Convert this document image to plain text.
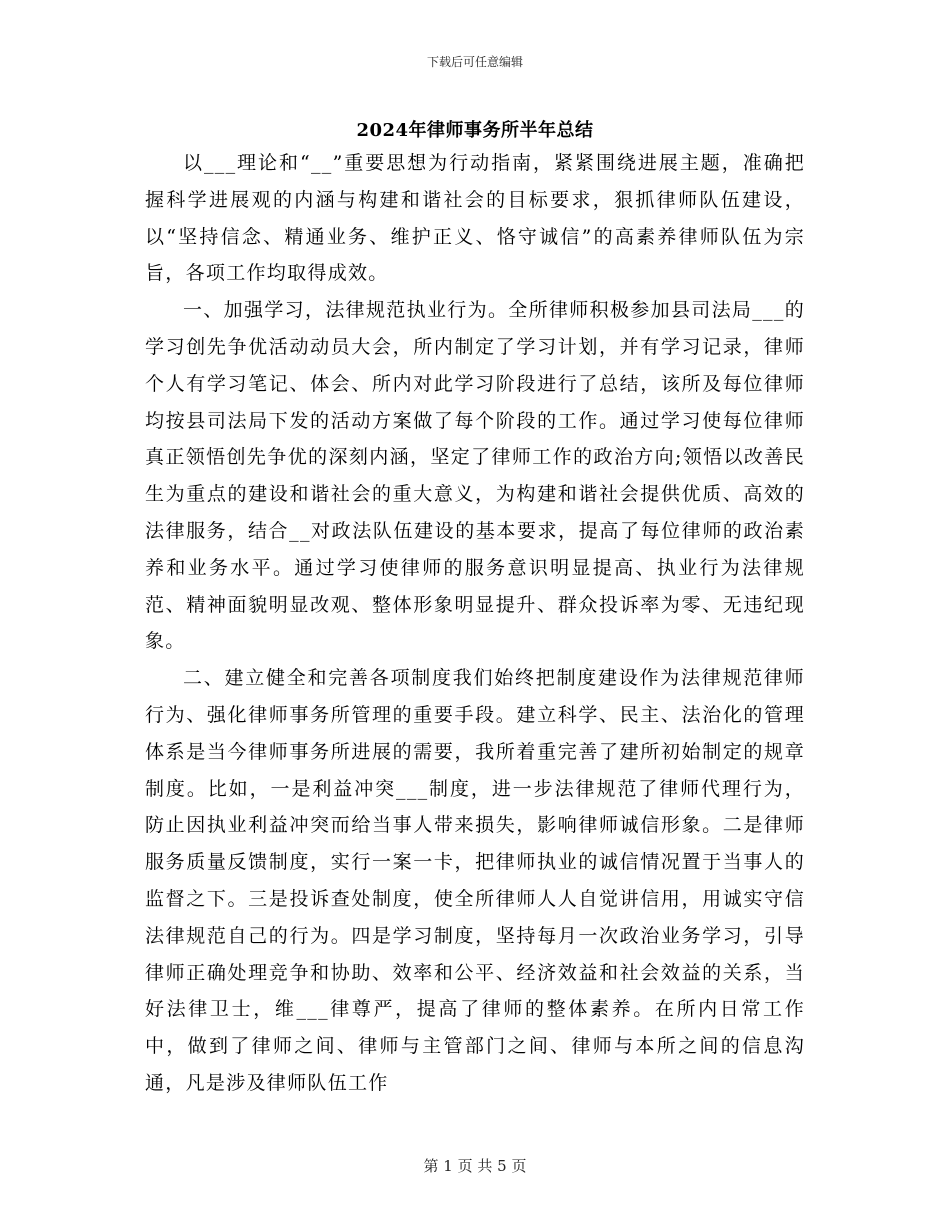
下载后可任意编辑
2024年律师事务所半年总结

以___理论和“__”重要思想为行动指南，紧紧围绕进展主题，准确把握科学进展观的内涵与构建和谐社会的目标要求，狠抓律师队伍建设，以“坚持信念、精通业务、维护正义、恪守诚信”的高素养律师队伍为宗旨，各项工作均取得成效。

一、加强学习，法律规范执业行为。全所律师积极参加县司法局___的学习创先争优活动动员大会，所内制定了学习计划，并有学习记录，律师个人有学习笔记、体会、所内对此学习阶段进行了总结，该所及每位律师均按县司法局下发的活动方案做了每个阶段的工作。通过学习使每位律师真正领悟创先争优的深刻内涵，坚定了律师工作的政治方向;领悟以改善民生为重点的建设和谐社会的重大意义，为构建和谐社会提供优质、高效的法律服务，结合__对政法队伍建设的基本要求，提高了每位律师的政治素养和业务水平。通过学习使律师的服务意识明显提高、执业行为法律规范、精神面貌明显改观、整体形象明显提升、群众投诉率为零、无违纪现象。

二、建立健全和完善各项制度我们始终把制度建设作为法律规范律师行为、强化律师事务所管理的重要手段。建立科学、民主、法治化的管理体系是当今律师事务所进展的需要，我所着重完善了建所初始制定的规章制度。比如，一是利益冲突___制度，进一步法律规范了律师代理行为，防止因执业利益冲突而给当事人带来损失，影响律师诚信形象。二是律师服务质量反馈制度，实行一案一卡，把律师执业的诚信情况置于当事人的监督之下。三是投诉查处制度，使全所律师人人自觉讲信用，用诚实守信法律规范自己的行为。四是学习制度，坚持每月一次政治业务学习，引导律师正确处理竞争和协助、效率和公平、经济效益和社会效益的关系，当好法律卫士，维___律尊严，提高了律师的整体素养。在所内日常工作中，做到了律师之间、律师与主管部门之间、律师与本所之间的信息沟通，凡是涉及律师队伍工作

第 1 页 共 5 页
